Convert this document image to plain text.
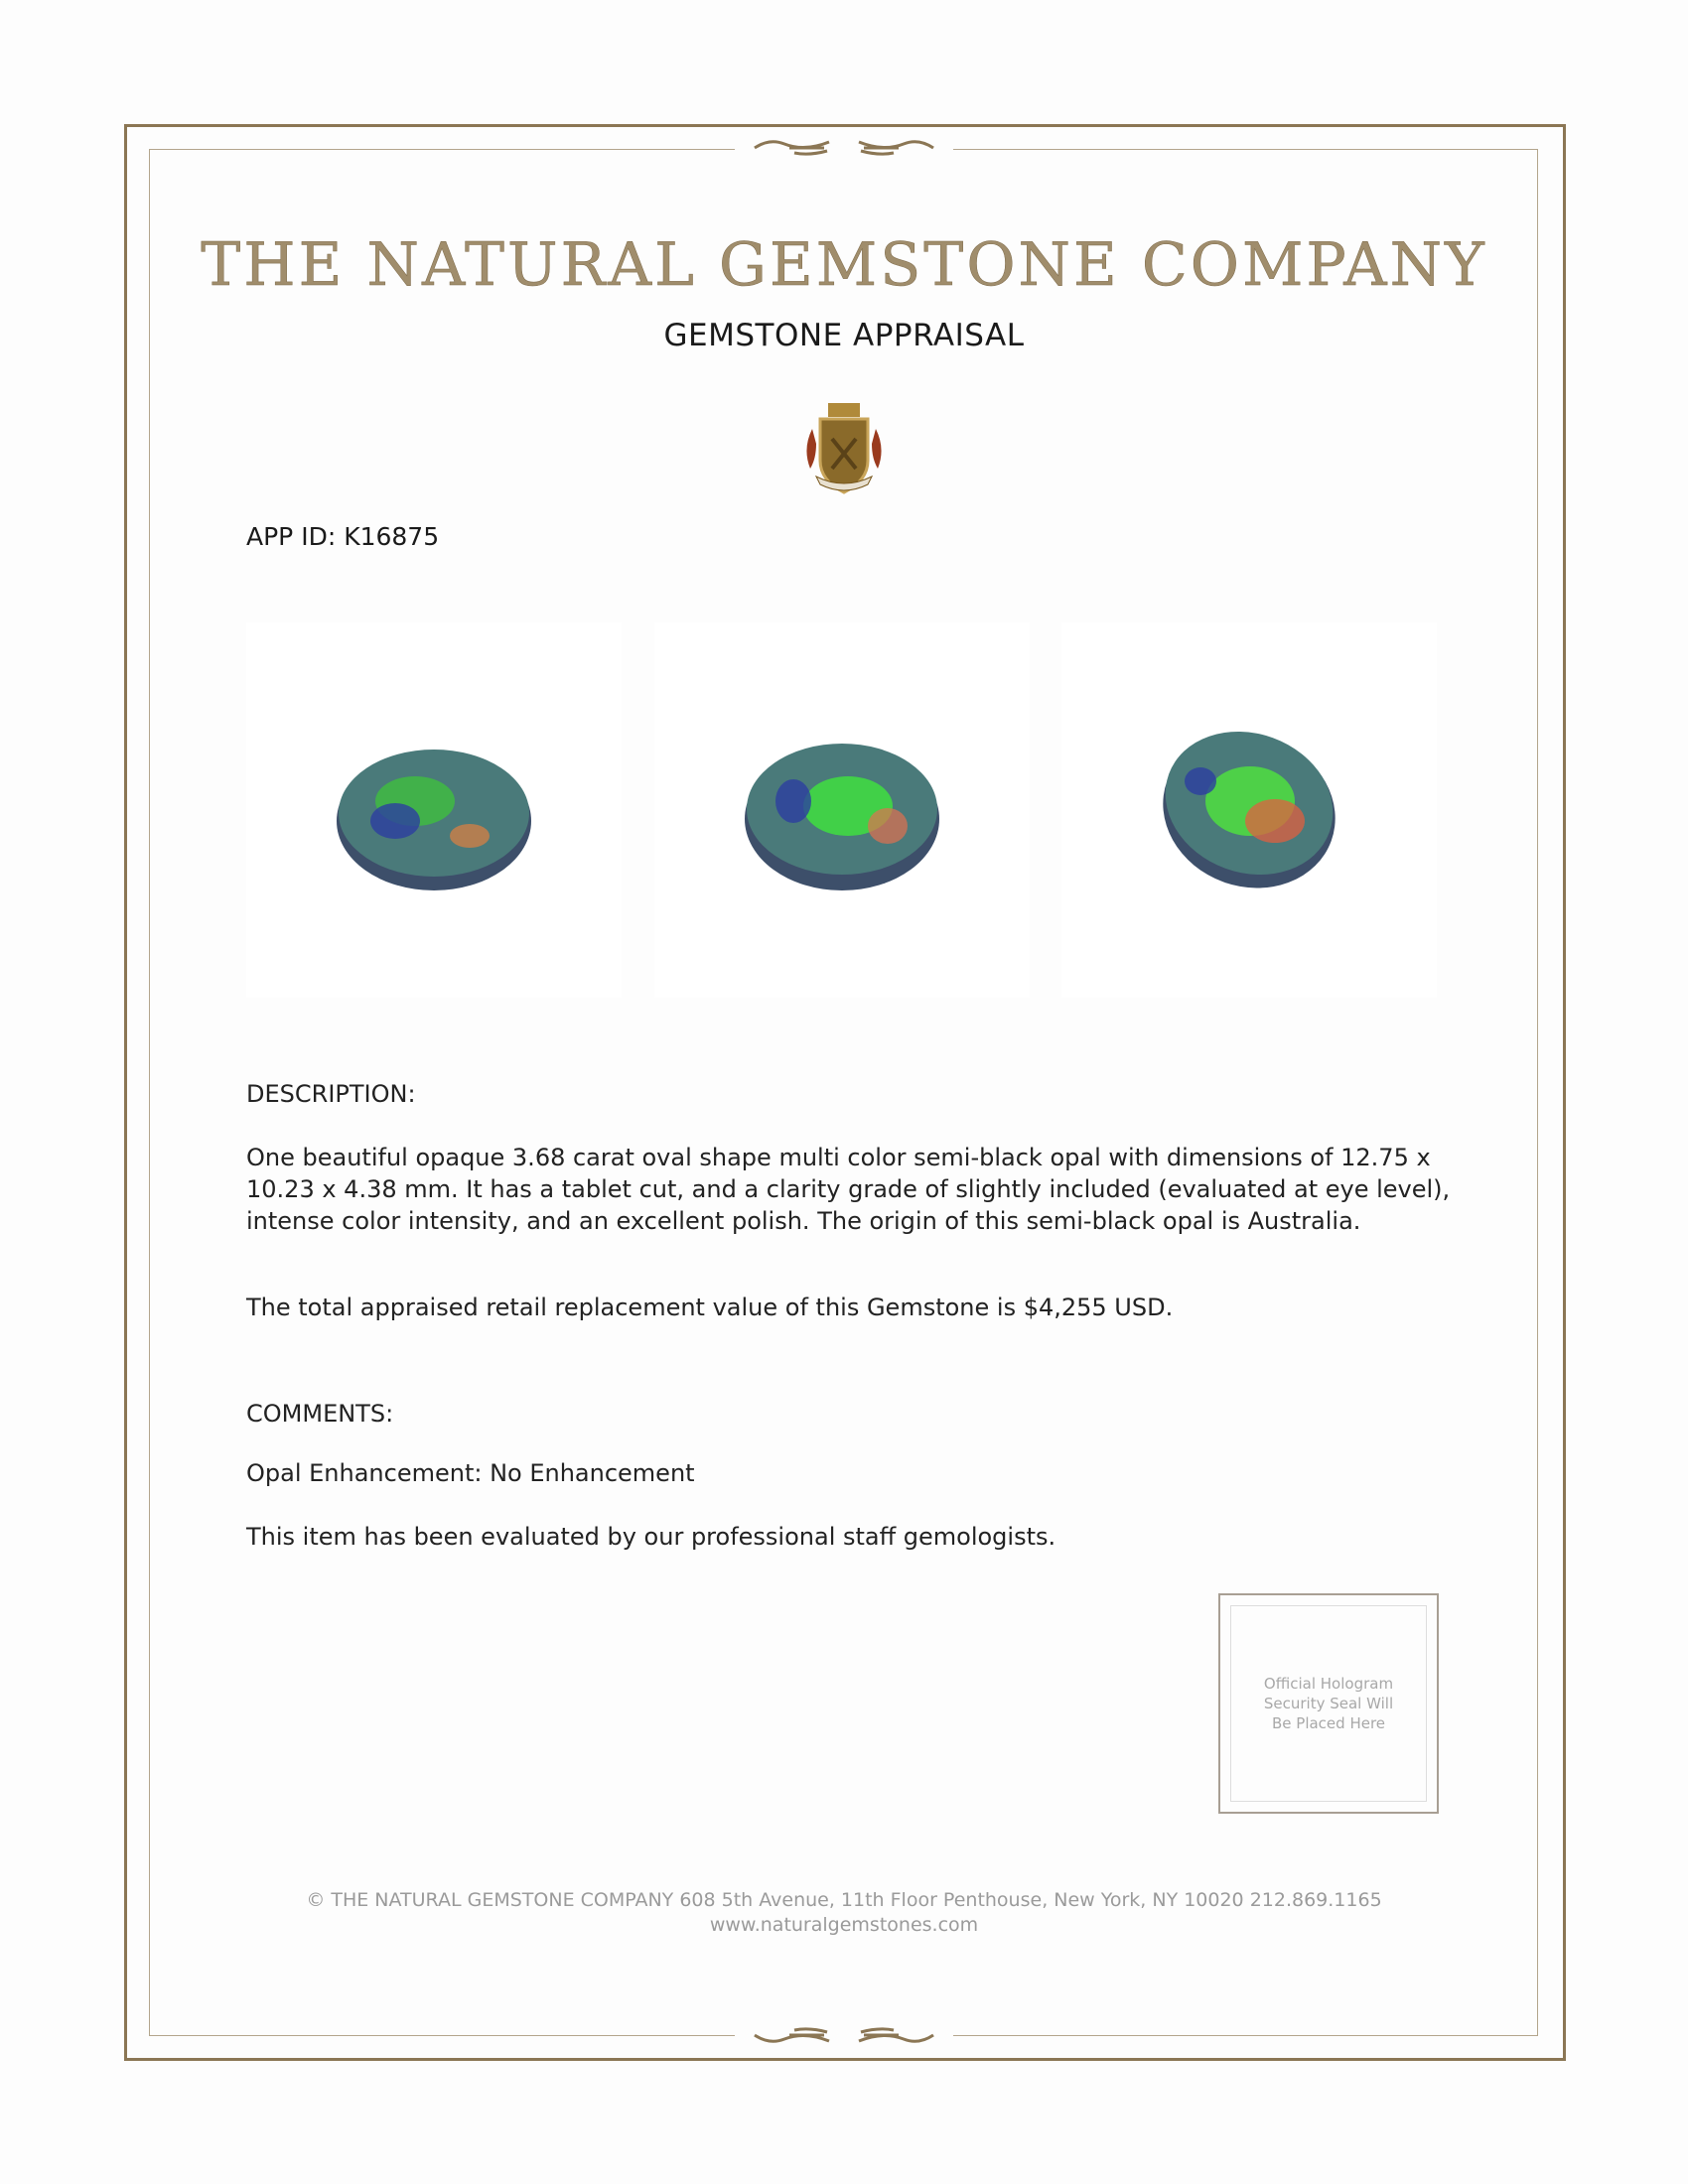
THE NATURAL GEMSTONE COMPANY
GEMSTONE APPRAISAL
APP ID: K16875
DESCRIPTION:
One beautiful opaque 3.68 carat oval shape multi color semi-black opal with dimensions of 12.75 x 10.23 x 4.38 mm. It has a tablet cut, and a clarity grade of slightly included (evaluated at eye level), intense color intensity, and an excellent polish. The origin of this semi-black opal is Australia.
The total appraised retail replacement value of this Gemstone is $4,255 USD.
COMMENTS:
Opal Enhancement: No Enhancement
This item has been evaluated by our professional staff gemologists.
Official Hologram
Security Seal Will
Be Placed Here
© THE NATURAL GEMSTONE COMPANY 608 5th Avenue, 11th Floor Penthouse, New York, NY 10020 212.869.1165
www.naturalgemstones.com
